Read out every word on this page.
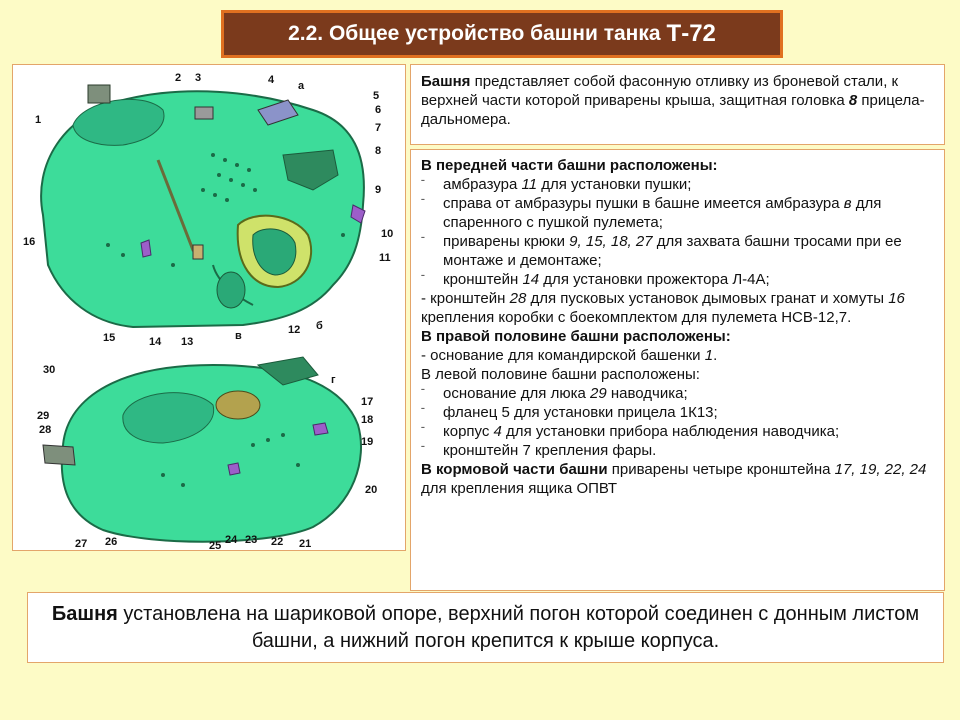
2.2. Общее устройство башни танка Т-72
1
2 3	4 а
5
6
7
8
9
10
11
16
15	14 13	в	12 б
30
29
28
27 26	25 24 23 22 21
20
19
18
17
г
Башня представляет собой фасонную отливку из броневой стали, к верхней части которой приварены крыша, защитная головка 8 прицела-дальномера.
В передней части башни расположены:
ˉ	амбразура 11 для установки пушки;
ˉ	справа от амбразуры пушки в башне имеется амбразура в для спаренного с пушкой пулемета;
ˉ	приварены крюки 9, 15, 18, 27 для захвата башни тросами при ее монтаже и демонтаже;
ˉ	кронштейн 14 для установки прожектора Л-4А;
- кронштейн 28 для пусковых установок дымовых гранат и хомуты 16 крепления коробки с боекомплектом для пулемета НСВ-12,7.
В правой половине башни расположены:
- основание для командирской башенки 1.
В левой половине башни расположены:
ˉ	основание для люка 29 наводчика;
ˉ	фланец 5 для установки прицела 1К13;
ˉ	корпус 4 для установки прибора наблюдения наводчика;
ˉ	кронштейн 7 крепления фары.
В кормовой части башни приварены четыре кронштейна 17, 19, 22, 24 для крепления ящика ОПВТ
Башня установлена на шариковой опоре, верхний погон которой соединен с донным листом башни, а нижний погон крепится к крыше корпуса.
